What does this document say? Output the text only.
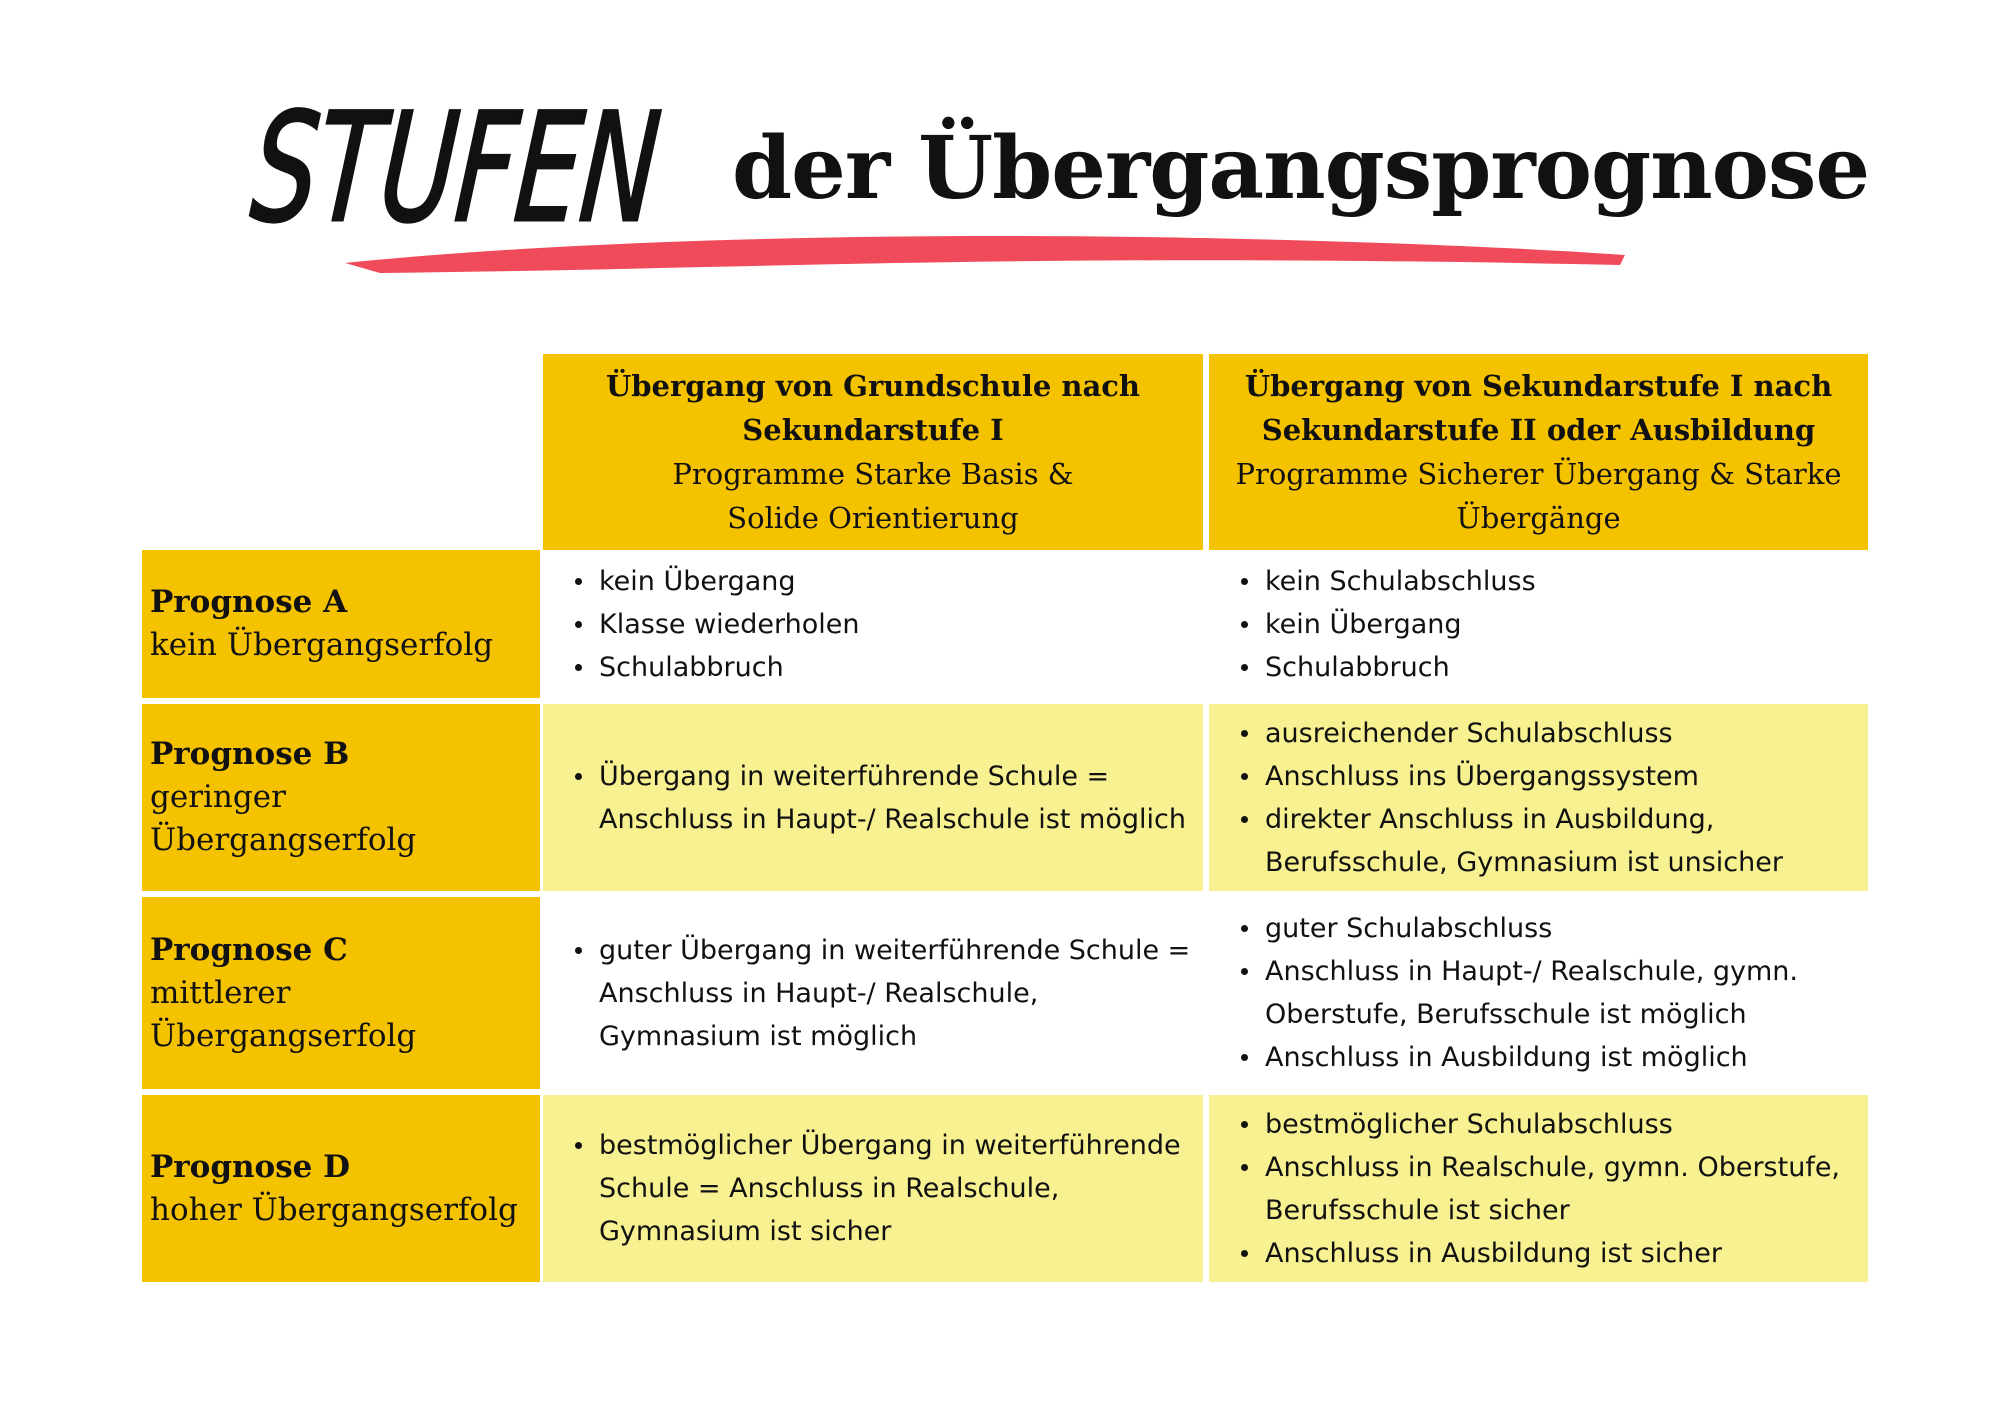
STUFEN der Übergangsprognose
Übergang von Grundschule nach
Sekundarstufe I
Programme Starke Basis &
Solide Orientierung
Übergang von Sekundarstufe I nach
Sekundarstufe II oder Ausbildung
Programme Sicherer Übergang & Starke
Übergänge
Prognose A
kein Übergangserfolg
kein Übergang
Klasse wiederholen
Schulabbruch
kein Schulabschluss
kein Übergang
Schulabbruch
Prognose B
geringer Übergangserfolg
Übergang in weiterführende Schule = Anschluss in Haupt-/ Realschule ist möglich
ausreichender Schulabschluss
Anschluss ins Übergangssystem
direkter Anschluss in Ausbildung, Berufsschule, Gymnasium ist unsicher
Prognose C
mittlerer Übergangserfolg
guter Übergang in weiterführende Schule = Anschluss in Haupt-/ Realschule, Gymnasium ist möglich
guter Schulabschluss
Anschluss in Haupt-/ Realschule, gymn. Oberstufe, Berufsschule ist möglich
Anschluss in Ausbildung ist möglich
Prognose D
hoher Übergangserfolg
bestmöglicher Übergang in weiterführende Schule = Anschluss in Realschule, Gymnasium ist sicher
bestmöglicher Schulabschluss
Anschluss in Realschule, gymn. Oberstufe, Berufsschule ist sicher
Anschluss in Ausbildung ist sicher
